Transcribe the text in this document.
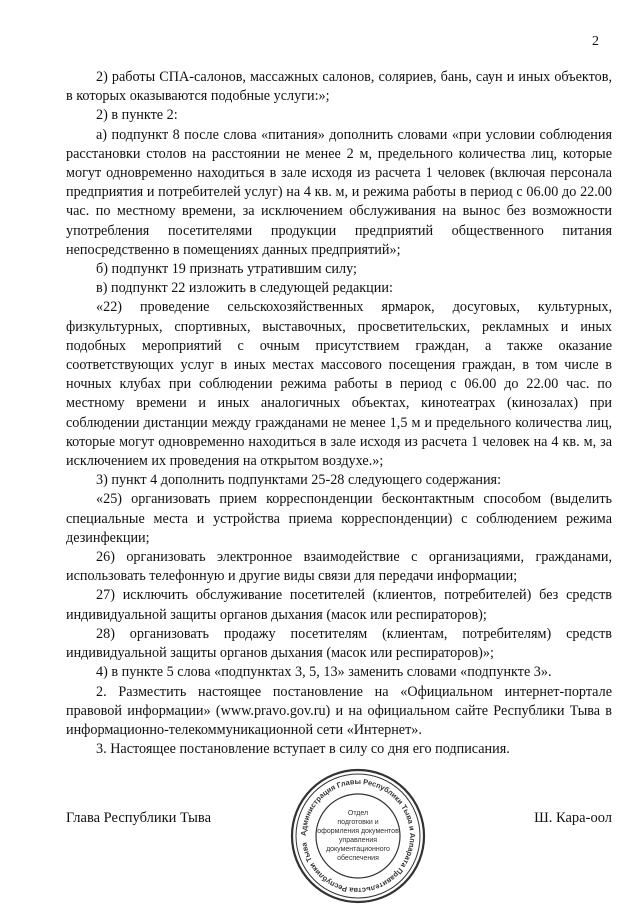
2

2) работы СПА-салонов, массажных салонов, соляриев, бань, саун и иных объектов, в которых оказываются подобные услуги:»;

2) в пункте 2:

а) подпункт 8 после слова «питания» дополнить словами «при условии соблюдения расстановки столов на расстоянии не менее 2 м, предельного количества лиц, которые могут одновременно находиться в зале исходя из расчета 1 человек (включая персонала предприятия и потребителей услуг) на 4 кв. м, и режима работы в период с 06.00 до 22.00 час. по местному времени, за исключением обслуживания на вынос без возможности употребления посетителями продукции предприятий общественного питания непосредственно в помещениях данных предприятий»;

б) подпункт 19 признать утратившим силу;

в) подпункт 22 изложить в следующей редакции:

«22) проведение сельскохозяйственных ярмарок, досуговых, культурных, физкультурных, спортивных, выставочных, просветительских, рекламных и иных подобных мероприятий с очным присутствием граждан, а также оказание соответствующих услуг в иных местах массового посещения граждан, в том числе в ночных клубах при соблюдении режима работы в период с 06.00 до 22.00 час. по местному времени и иных аналогичных объектах, кинотеатрах (кинозалах) при соблюдении дистанции между гражданами не менее 1,5 м и предельного количества лиц, которые могут одновременно находиться в зале исходя из расчета 1 человек на 4 кв. м, за исключением их проведения на открытом воздухе.»;

3) пункт 4 дополнить подпунктами 25-28 следующего содержания:

«25) организовать прием корреспонденции бесконтактным способом (выделить специальные места и устройства приема корреспонденции) с соблюдением режима дезинфекции;

26) организовать электронное взаимодействие с организациями, гражданами, использовать телефонную и другие виды связи для передачи информации;

27) исключить обслуживание посетителей (клиентов, потребителей) без средств индивидуальной защиты органов дыхания (масок или респираторов);

28) организовать продажу посетителям (клиентам, потребителям) средств индивидуальной защиты органов дыхания (масок или респираторов)»;

4) в пункте 5 слова «подпунктах 3, 5, 13» заменить словами «подпункте 3».

2. Разместить настоящее постановление на «Официальном интернет-портале правовой информации» (www.pravo.gov.ru) и на официальном сайте Республики Тыва в информационно-телекоммуникационной сети «Интернет».

3. Настоящее постановление вступает в силу со дня его подписания.

Глава Республики Тыва	Ш. Кара-оол
Администрация Главы Республики Тыва и Аппарата Правительства Республики Тыва
Отдел
подготовки и
оформления документов
управления
документационного
обеспечения
